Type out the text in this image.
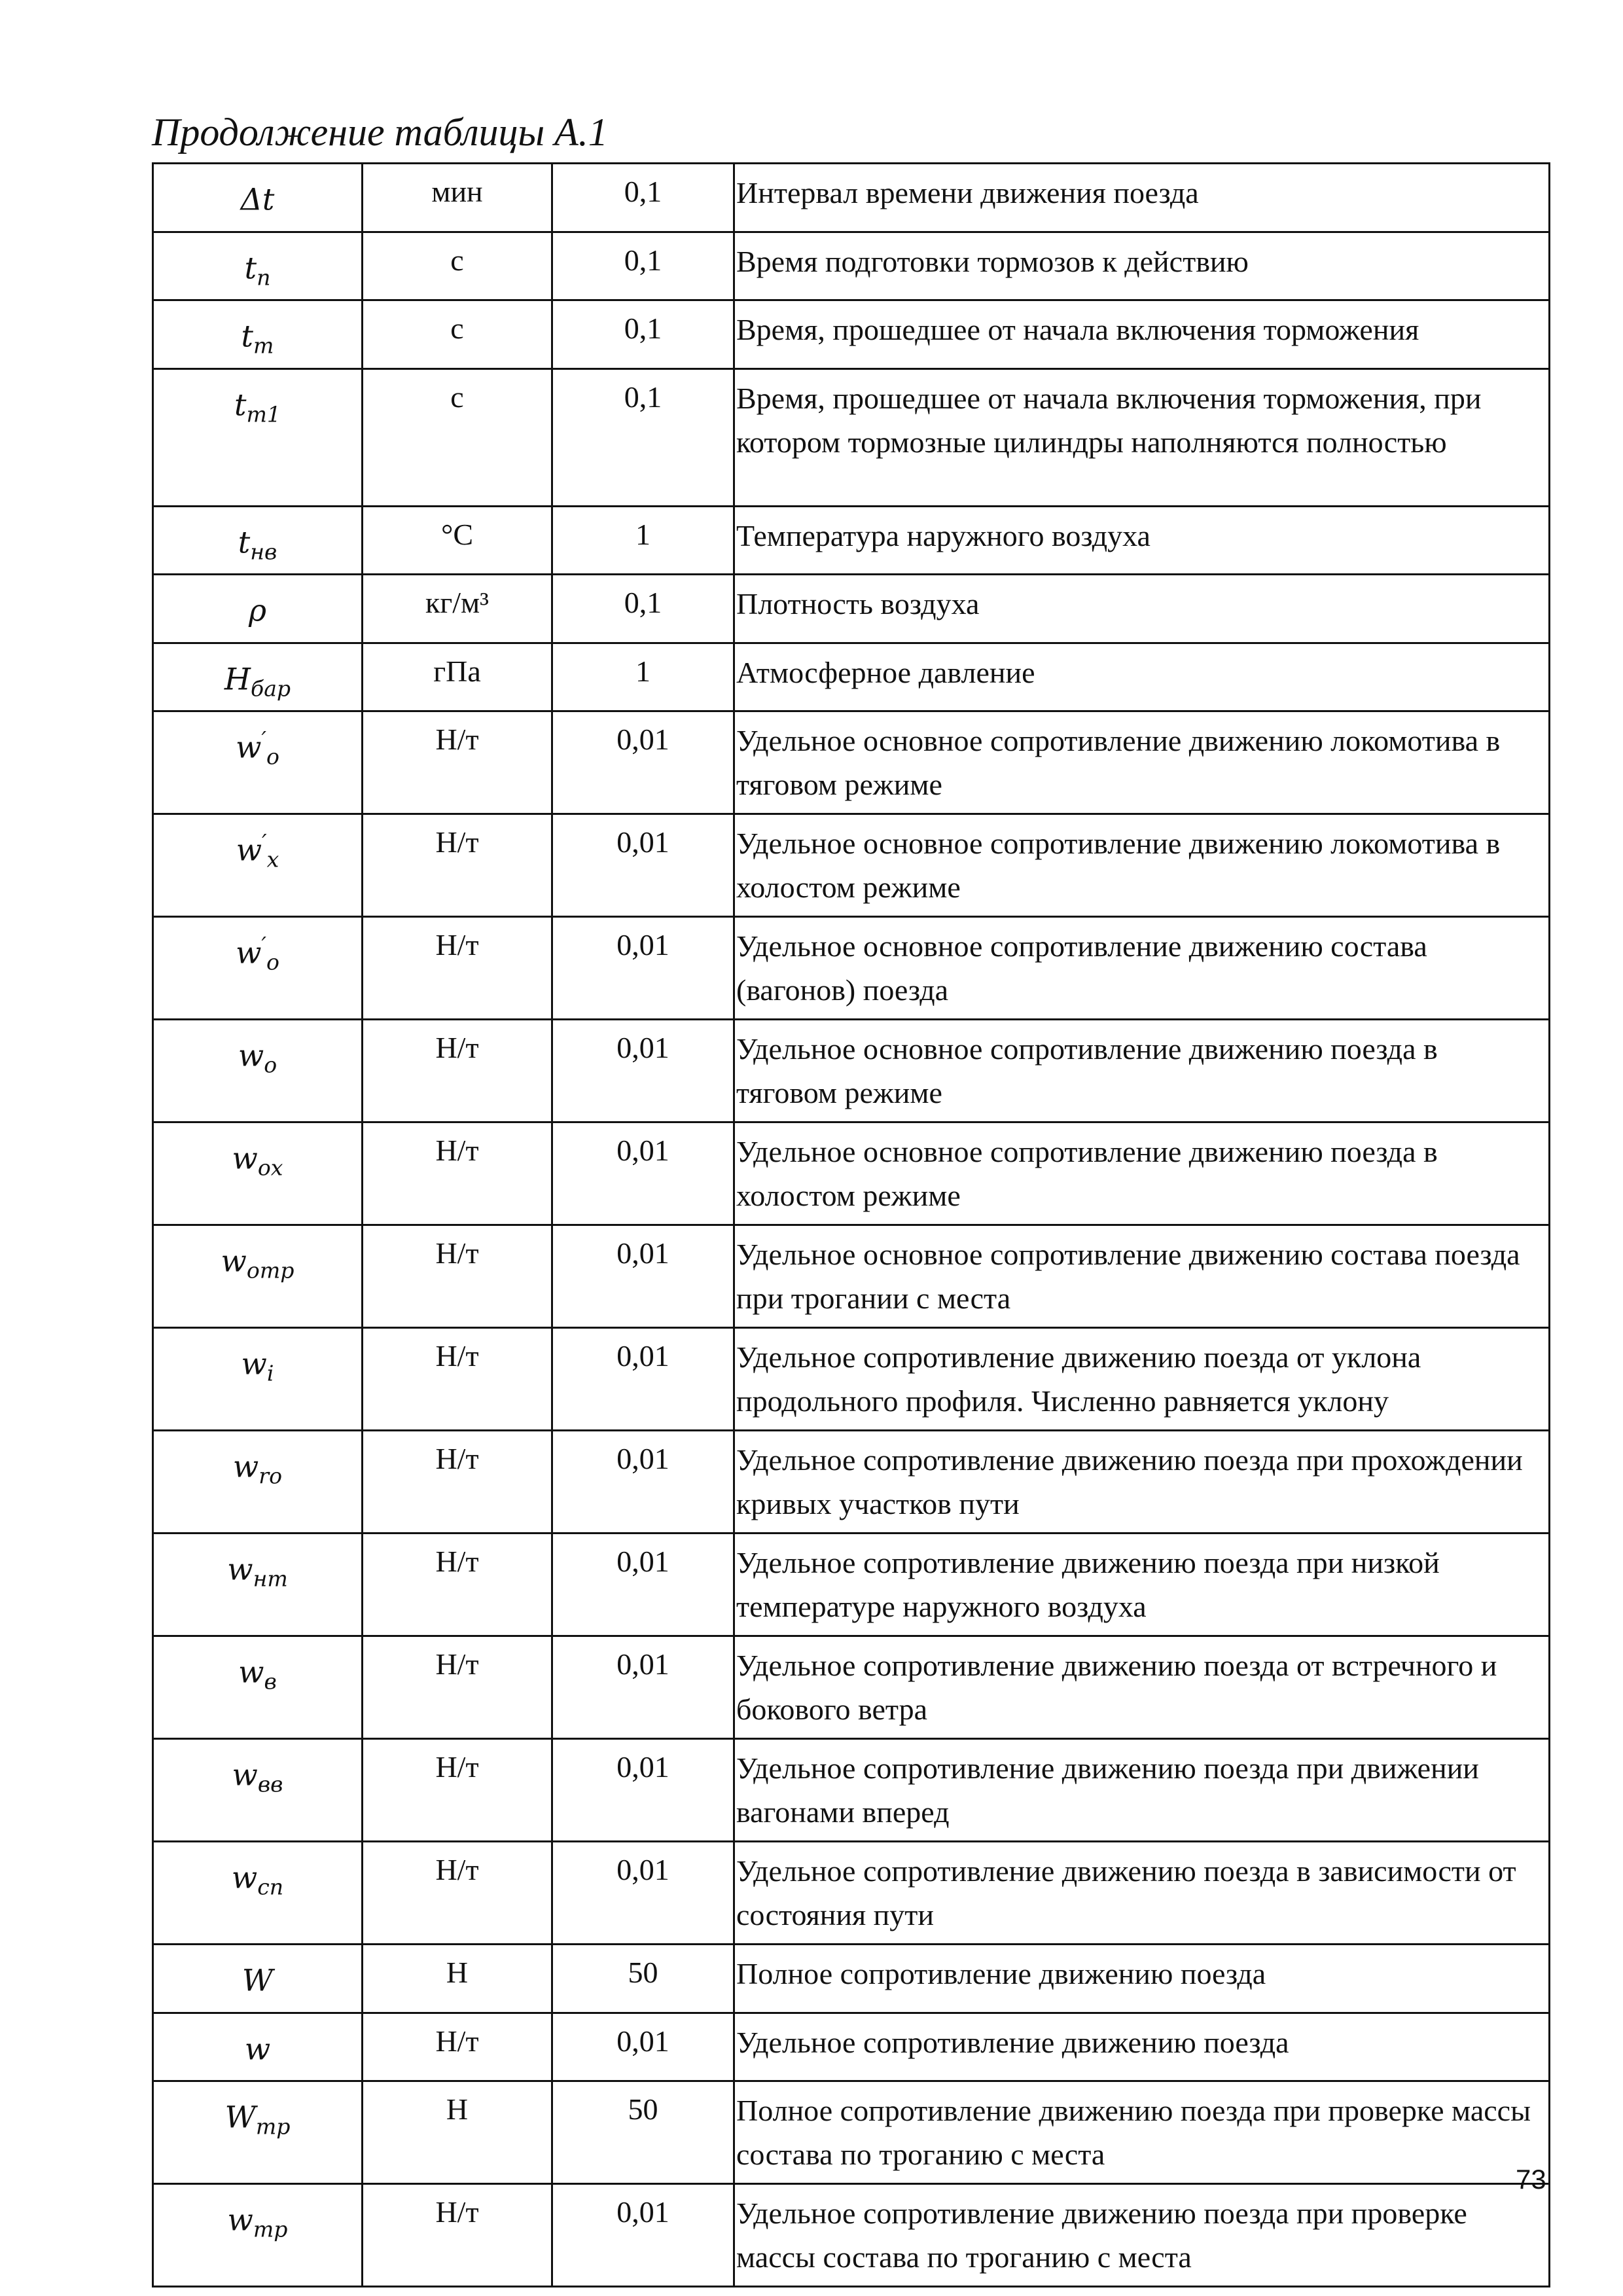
Продолжение таблицы А.1
Δt	мин	0,1	Интервал времени движения поезда
$t_n$	с	0,1	Время подготовки тормозов к действию
$t_m$	с	0,1	Время, прошедшее от начала включения торможения
$t_{m1}$	с	0,1	Время, прошедшее от начала включения торможения, при котором тормозные цилиндры наполняются полностью
$t_{нв}$	°С	1	Температура наружного воздуха
ρ	кг/м³	0,1	Плотность воздуха
$H_{бар}$	гПа	1	Атмосферное давление
$w'_o$	Н/т	0,01	Удельное основное сопротивление движению локомотива в тяговом режиме
$w'_x$	Н/т	0,01	Удельное основное сопротивление движению локомотива в холостом режиме
$w'_o$	Н/т	0,01	Удельное основное сопротивление движению состава (вагонов) поезда
$w_o$	Н/т	0,01	Удельное основное сопротивление движению поезда в тяговом режиме
$w_{ox}$	Н/т	0,01	Удельное основное сопротивление движению поезда в холостом режиме
$w_{omp}$	Н/т	0,01	Удельное основное сопротивление движению состава поезда при трогании с места
$w_i$	Н/т	0,01	Удельное сопротивление движению поезда от уклона продольного профиля. Численно равняется уклону
$w_{ro}$	Н/т	0,01	Удельное сопротивление движению поезда при прохождении кривых участков пути
$w_{нт}$	Н/т	0,01	Удельное сопротивление движению поезда при низкой температуре наружного воздуха
$w_в$	Н/т	0,01	Удельное сопротивление движению поезда от встречного и бокового ветра
$w_{вв}$	Н/т	0,01	Удельное сопротивление движению поезда при движении вагонами вперед
$w_{cn}$	Н/т	0,01	Удельное сопротивление движению поезда в зависимости от состояния пути
W	Н	50	Полное сопротивление движению поезда
w	Н/т	0,01	Удельное сопротивление движению поезда
$W_{mp}$	Н	50	Полное сопротивление движению поезда при проверке массы состава по троганию с места
$w_{mp}$	Н/т	0,01	Удельное сопротивление движению поезда при проверке массы состава по троганию с места
73
